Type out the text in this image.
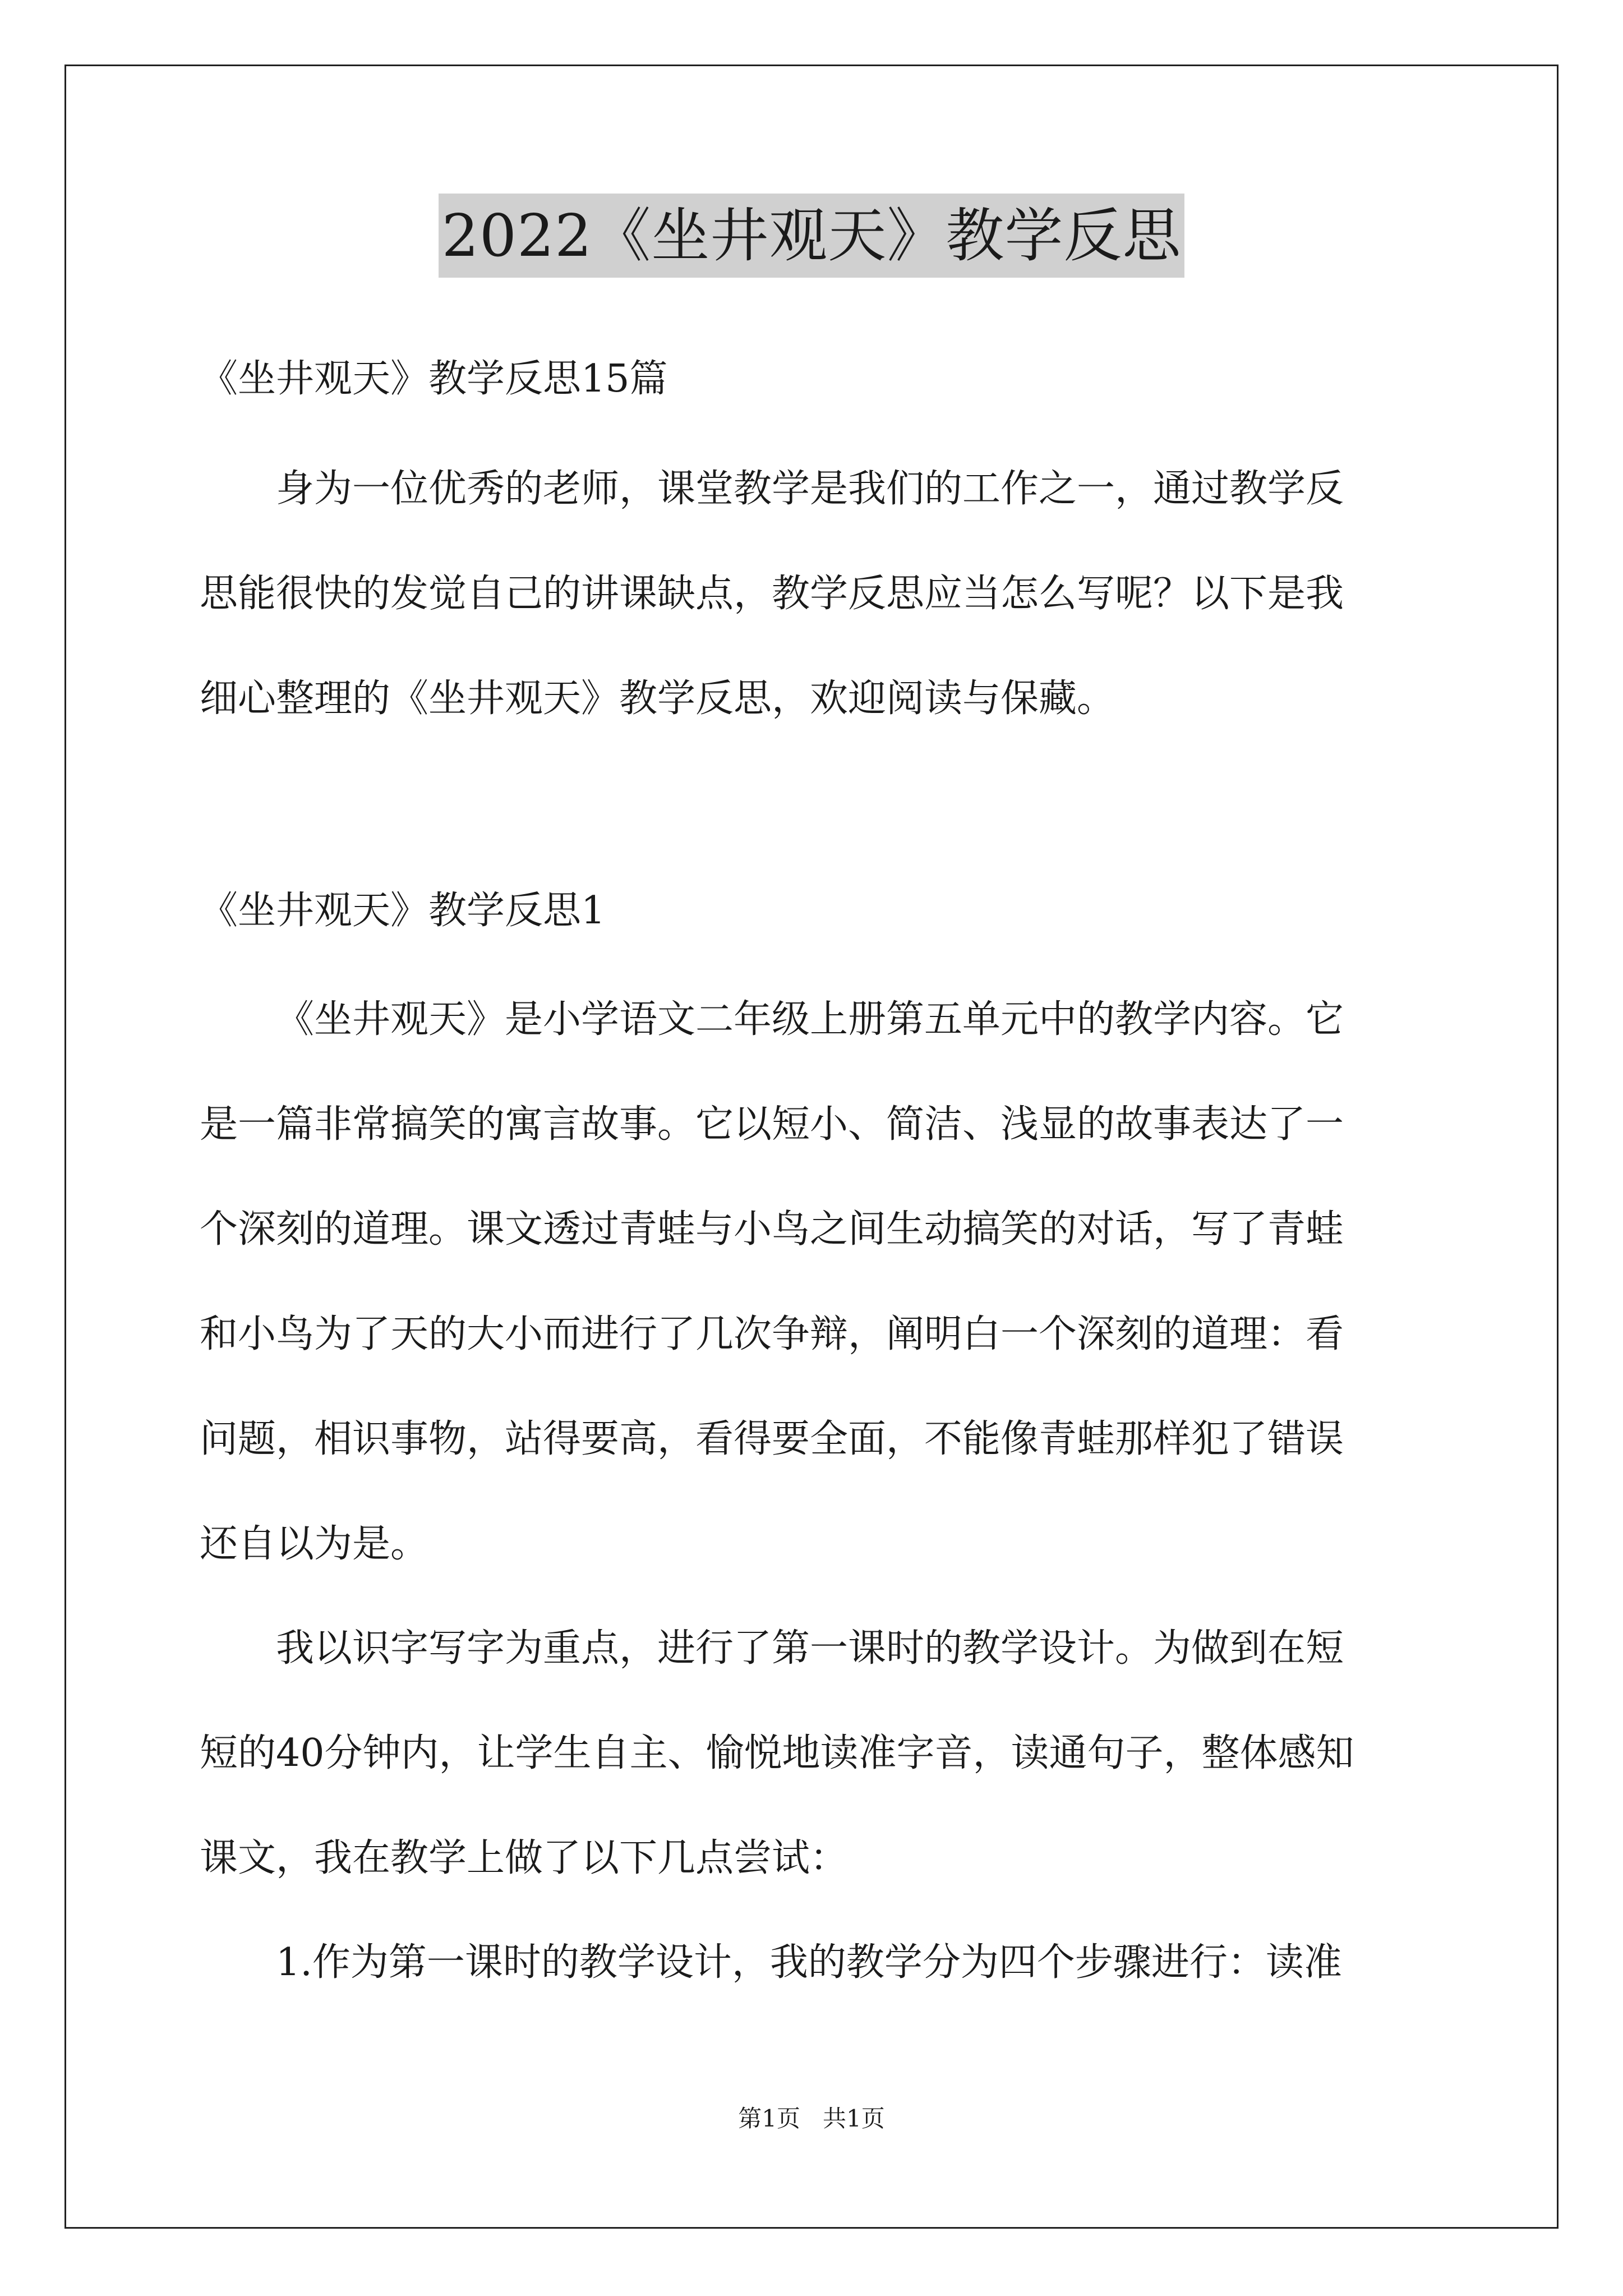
2022《坐井观天》教学反思
《坐井观天》教学反思15篇
身为一位优秀的老师，课堂教学是我们的工作之一，通过教学反
思能很快的发觉自己的讲课缺点，教学反思应当怎么写呢？以下是我
细心整理的《坐井观天》教学反思，欢迎阅读与保藏。
《坐井观天》教学反思1
《坐井观天》是小学语文二年级上册第五单元中的教学内容。它
是一篇非常搞笑的寓言故事。它以短小、简洁、浅显的故事表达了一
个深刻的道理。课文透过青蛙与小鸟之间生动搞笑的对话，写了青蛙
和小鸟为了天的大小而进行了几次争辩，阐明白一个深刻的道理：看
问题，相识事物，站得要高，看得要全面，不能像青蛙那样犯了错误
还自以为是。
我以识字写字为重点，进行了第一课时的教学设计。为做到在短
短的40分钟内，让学生自主、愉悦地读准字音，读通句子，整体感知
课文，我在教学上做了以下几点尝试：
1.作为第一课时的教学设计，我的教学分为四个步骤进行：读准
第1页   共1页
